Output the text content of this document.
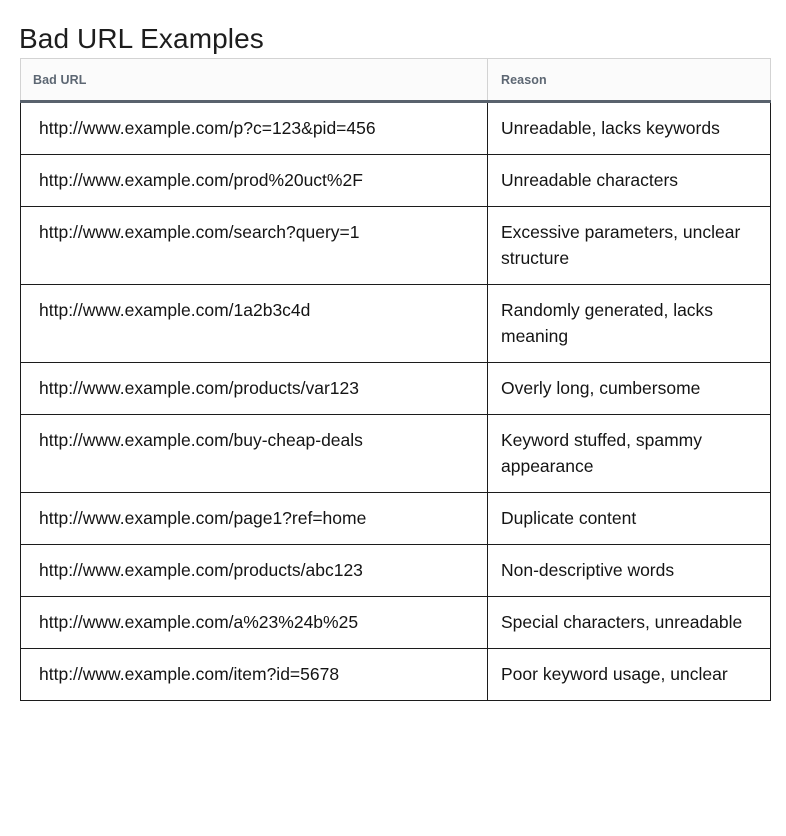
Bad URL Examples
Bad URL	Reason
http://www.example.com/p?c=123&pid=456	Unreadable, lacks keywords
http://www.example.com/prod%20uct%2F	Unreadable characters
http://www.example.com/search?query=1	Excessive parameters, unclear structure
http://www.example.com/1a2b3c4d	Randomly generated, lacks meaning
http://www.example.com/products/var123	Overly long, cumbersome
http://www.example.com/buy-cheap-deals	Keyword stuffed, spammy appearance
http://www.example.com/page1?ref=home	Duplicate content
http://www.example.com/products/abc123	Non-descriptive words
http://www.example.com/a%23%24b%25	Special characters, unreadable
http://www.example.com/item?id=5678	Poor keyword usage, unclear
